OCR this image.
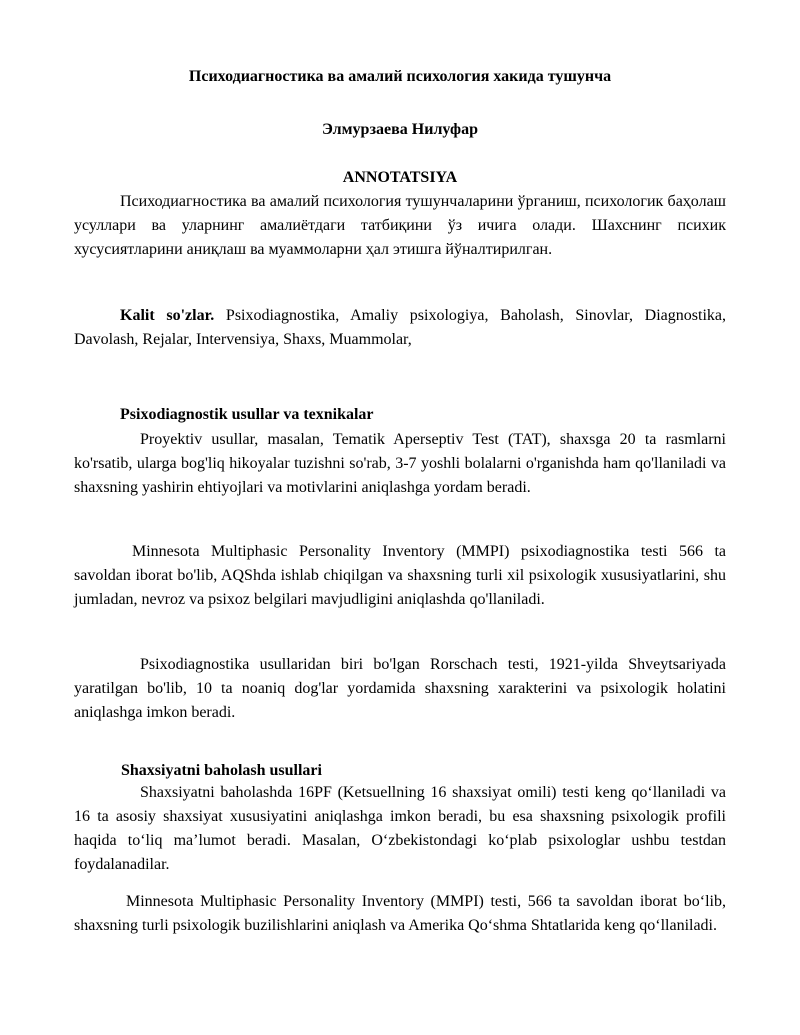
Психодиагностика ва амалий психология хакида тушунча
Элмурзаева Нилуфар
ANNOTATSIYA

Психодиагностика ва амалий психология тушунчаларини ўрганиш, психологик баҳолаш усуллари ва уларнинг амалиётдаги татбиқини ўз ичига олади. Шахснинг психик хусусиятларини аниқлаш ва муаммоларни ҳал этишга йўналтирилган.

Kalit so'zlar. Psixodiagnostika, Amaliy psixologiya, Baholash, Sinovlar, Diagnostika, Davolash, Rejalar, Intervensiya, Shaxs, Muammolar,

Psixodiagnostik usullar va texnikalar

Proyektiv usullar, masalan, Tematik Aperseptiv Test (TAT), shaxsga 20 ta rasmlarni ko'rsatib, ularga bog'liq hikoyalar tuzishni so'rab, 3-7 yoshli bolalarni o'rganishda ham qo'llaniladi va shaxsning yashirin ehtiyojlari va motivlarini aniqlashga yordam beradi.

Minnesota Multiphasic Personality Inventory (MMPI) psixodiagnostika testi 566 ta savoldan iborat bo'lib, AQShda ishlab chiqilgan va shaxsning turli xil psixologik xususiyatlarini, shu jumladan, nevroz va psixoz belgilari mavjudligini aniqlashda qo'llaniladi.

Psixodiagnostika usullaridan biri bo'lgan Rorschach testi, 1921-yilda Shveytsariyada yaratilgan bo'lib, 10 ta noaniq dog'lar yordamida shaxsning xarakterini va psixologik holatini aniqlashga imkon beradi.

Shaxsiyatni baholash usullari

Shaxsiyatni baholashda 16PF (Ketsuellning 16 shaxsiyat omili) testi keng qo‘llaniladi va 16 ta asosiy shaxsiyat xususiyatini aniqlashga imkon beradi, bu esa shaxsning psixologik profili haqida to‘liq ma’lumot beradi. Masalan, O‘zbekistondagi ko‘plab psixologlar ushbu testdan foydalanadilar.

Minnesota Multiphasic Personality Inventory (MMPI) testi, 566 ta savoldan iborat bo‘lib, shaxsning turli psixologik buzilishlarini aniqlash va Amerika Qo‘shma Shtatlarida keng qo‘llaniladi.
